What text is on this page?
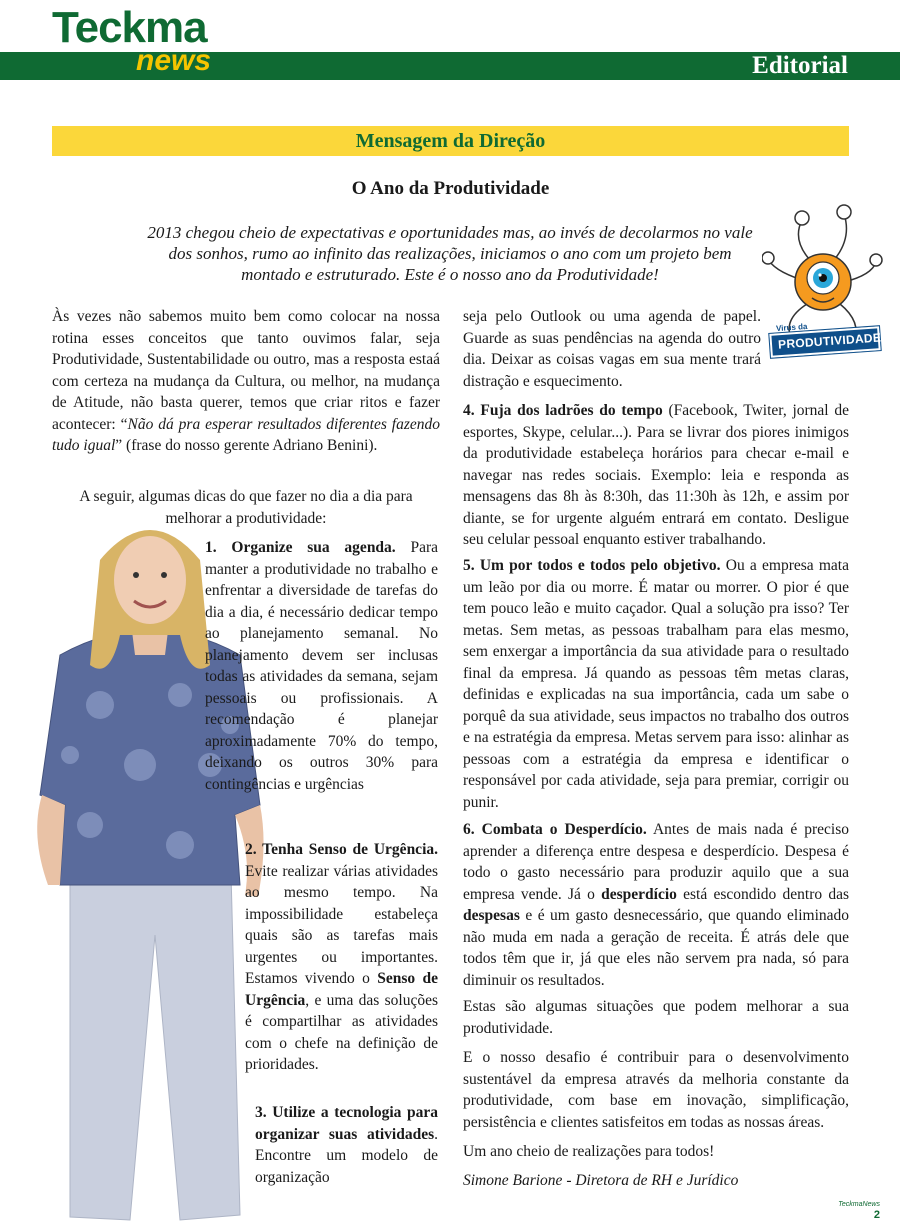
Teckma
news	Editorial
Mensagem da Direção
O Ano da Produtividade
2013 chegou cheio de expectativas e oportunidades mas, ao invés de decolarmos no vale dos sonhos, rumo ao infinito das realizações, iniciamos o ano com um projeto bem montado e estruturado. Este é o nosso ano da Produtividade!
Virus da
PRODUTIVIDADE
Às vezes não sabemos muito bem como colocar na nossa rotina esses conceitos que tanto ouvimos falar, seja Produtividade, Sustentabilidade ou outro, mas a resposta estaá com certeza na mudança da Cultura, ou melhor, na mudança de Atitude, não basta querer, temos que criar ritos e fazer acontecer: “Não dá pra esperar resultados diferentes fazendo tudo igual” (frase do nosso gerente Adriano Benini).
A seguir, algumas dicas do que fazer no dia a dia para melhorar a produtividade:
1. Organize sua agenda. Para manter a produtividade no trabalho e enfrentar a diversidade de tarefas do dia a dia, é necessário dedicar tempo ao planejamento semanal. No planejamento devem ser inclusas todas as atividades da semana, sejam pessoais ou profissionais. A recomendação é planejar aproximadamente 70% do tempo, deixando os outros 30% para contingências e urgências
2. Tenha Senso de Urgência. Evite realizar várias atividades ao mesmo tempo. Na impossibilidade estabeleça quais são as tarefas mais urgentes ou importantes. Estamos vivendo o Senso de Urgência, e uma das soluções é compartilhar as atividades com o chefe na definição de prioridades.
3. Utilize a tecnologia para organizar suas atividades. Encontre um modelo de organização
seja pelo Outlook ou uma agenda de papel. Guarde as suas pendências na agenda do outro dia. Deixar as coisas vagas em sua mente trará distração e esquecimento.
4. Fuja dos ladrões do tempo (Facebook, Twiter, jornal de esportes, Skype, celular...). Para se livrar dos piores inimigos da produtividade estabeleça horários para checar e-mail e navegar nas redes sociais. Exemplo: leia e responda as mensagens das 8h às 8:30h, das 11:30h às 12h, e assim por diante, se for urgente alguém entrará em contato. Desligue seu celular pessoal enquanto estiver trabalhando.
5. Um por todos e todos pelo objetivo. Ou a empresa mata um leão por dia ou morre. É matar ou morrer. O pior é que tem pouco leão e muito caçador. Qual a solução pra isso? Ter metas. Sem metas, as pessoas trabalham para elas mesmo, sem enxergar a importância da sua atividade para o resultado final da empresa. Já quando as pessoas têm metas claras, definidas e explicadas na sua importância, cada um sabe o porquê da sua atividade, seus impactos no trabalho dos outros e na estratégia da empresa. Metas servem para isso: alinhar as pessoas com a estratégia da empresa e identificar o responsável por cada atividade, seja para premiar, corrigir ou punir.
6. Combata o Desperdício. Antes de mais nada é preciso aprender a diferença entre despesa e desperdício. Despesa é todo o gasto necessário para produzir aquilo que a sua empresa vende. Já o desperdício está escondido dentro das despesas e é um gasto desnecessário, que quando eliminado não muda em nada a geração de receita. É atrás dele que todos têm que ir, já que eles não servem pra nada, só para diminuir os resultados.
Estas são algumas situações que podem melhorar a sua produtividade.
E o nosso desafio é contribuir para o desenvolvimento sustentável da empresa através da melhoria constante da produtividade, com base em inovação, simplificação, persistência e clientes satisfeitos em todas as nossas áreas.
Um ano cheio de realizações para todos!
Simone Barione - Diretora de RH e Jurídico
TeckmaNews
2
